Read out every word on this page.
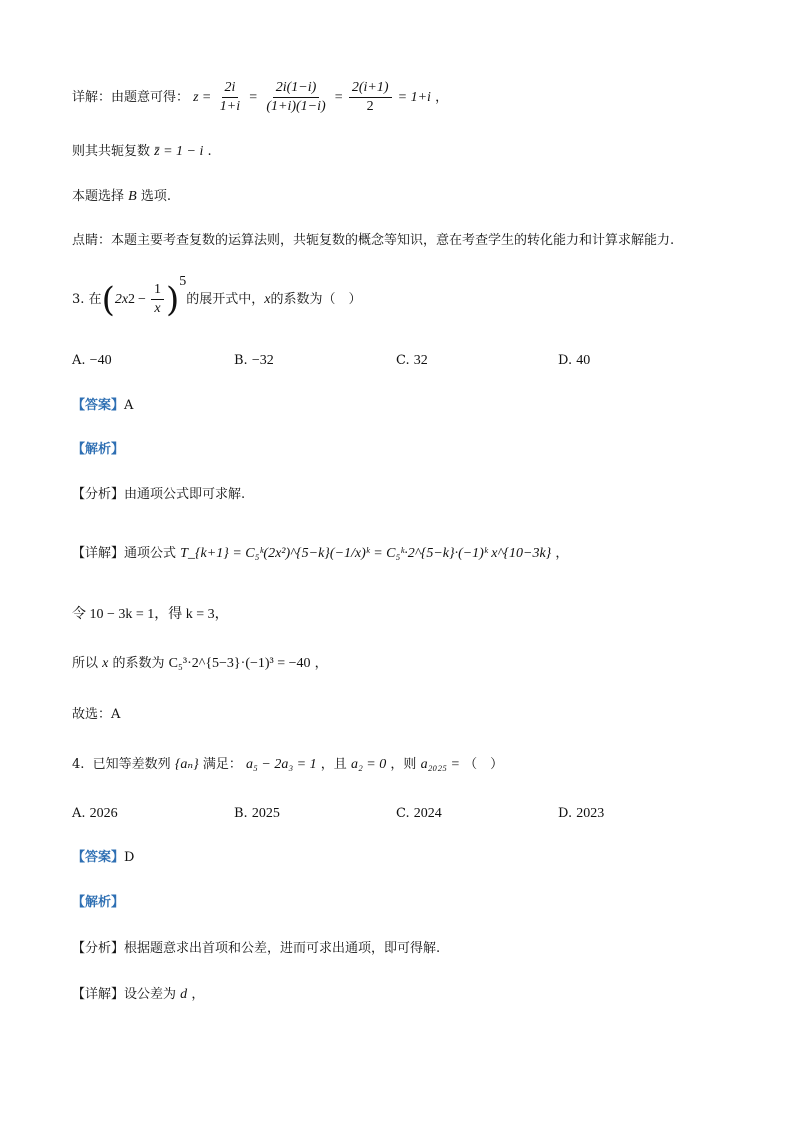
详解：由题意可得： $z = \frac{2i}{1+i} = \frac{2i(1-i)}{(1+i)(1-i)} = \frac{2(i+1)}{2} = 1+i$ ，
则其共轭复数 z̄ = 1 − i .
本题选择 B 选项.
点睛：本题主要考查复数的运算法则，共轭复数的概念等知识，意在考查学生的转化能力和计算求解能力.
3.
在 ( 2x $2 - \frac{1}{x}$ ) 5
的展开式中， x 的系数为（　）
A. −40	B. −32	C. 32	D. 40
【答案】A
【解析】
【分析】由通项公式即可求解.
【详解】通项公式 T_{k+1} = C₅ᵏ(2x²)^{5−k}(−1/x)ᵏ = C₅ᵏ·2^{5−k}·(−1)ᵏ x^{10−3k} ，
令 10 − 3k = 1，得 k = 3，
所以 x 的系数为 C₅³·2^{5−3}·(−1)³ = −40 ，
故选：A
4. 已知等差数列 {aₙ} 满足： a₅ − 2a₃ = 1 ，且 a₂ = 0 ，则 a₂₀₂₅ = （　）
A. 2026	B. 2025	C. 2024	D. 2023
【答案】D
【解析】
【分析】根据题意求出首项和公差，进而可求出通项，即可得解.
【详解】设公差为 d ，
